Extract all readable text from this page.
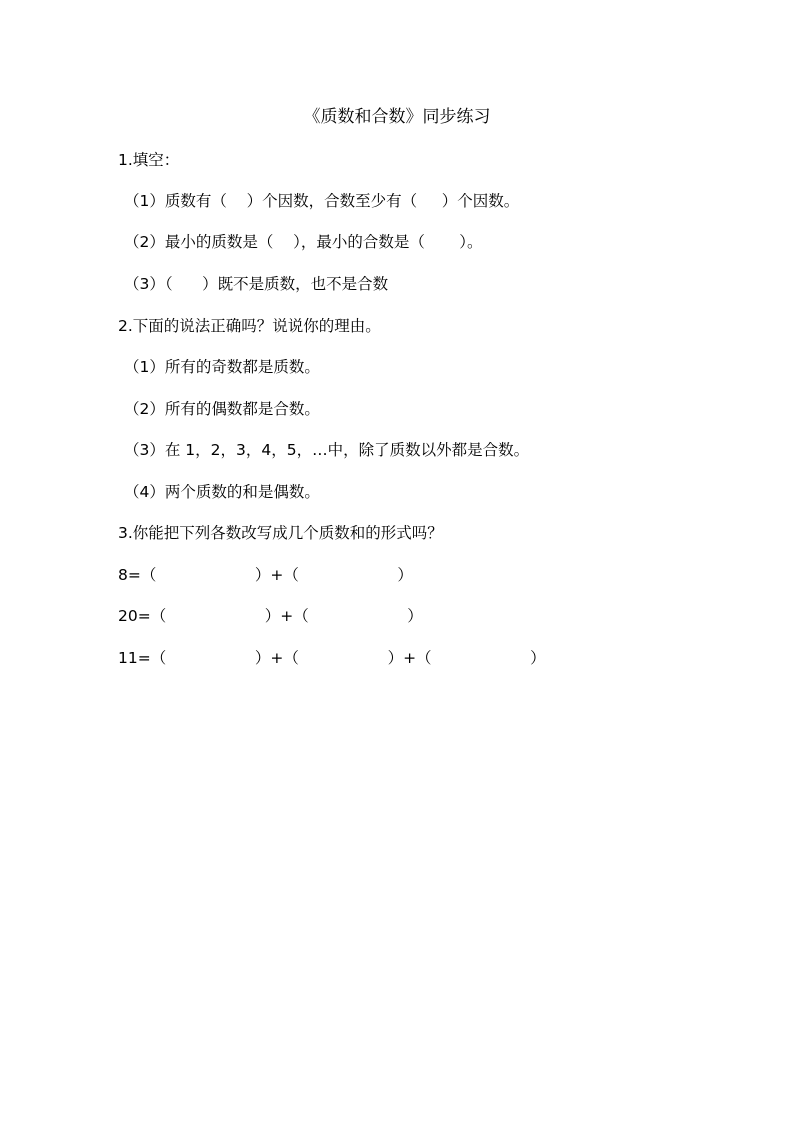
《质数和合数》同步练习
1.填空：
（1）质数有（    ）个因数，合数至少有（     ）个因数。
（2）最小的质数是（    ），最小的合数是（       ）。
（3）（      ）既不是质数，也不是合数
2.下面的说法正确吗？说说你的理由。
（1）所有的奇数都是质数。
（2）所有的偶数都是合数。
（3）在 1，2，3，4，5，…中，除了质数以外都是合数。
（4）两个质数的和是偶数。
3.你能把下列各数改写成几个质数和的形式吗？
8=（                    ）+（                    ）
20=（                    ）+（                    ）
11=（                  ）+（                  ）+（                    ）
